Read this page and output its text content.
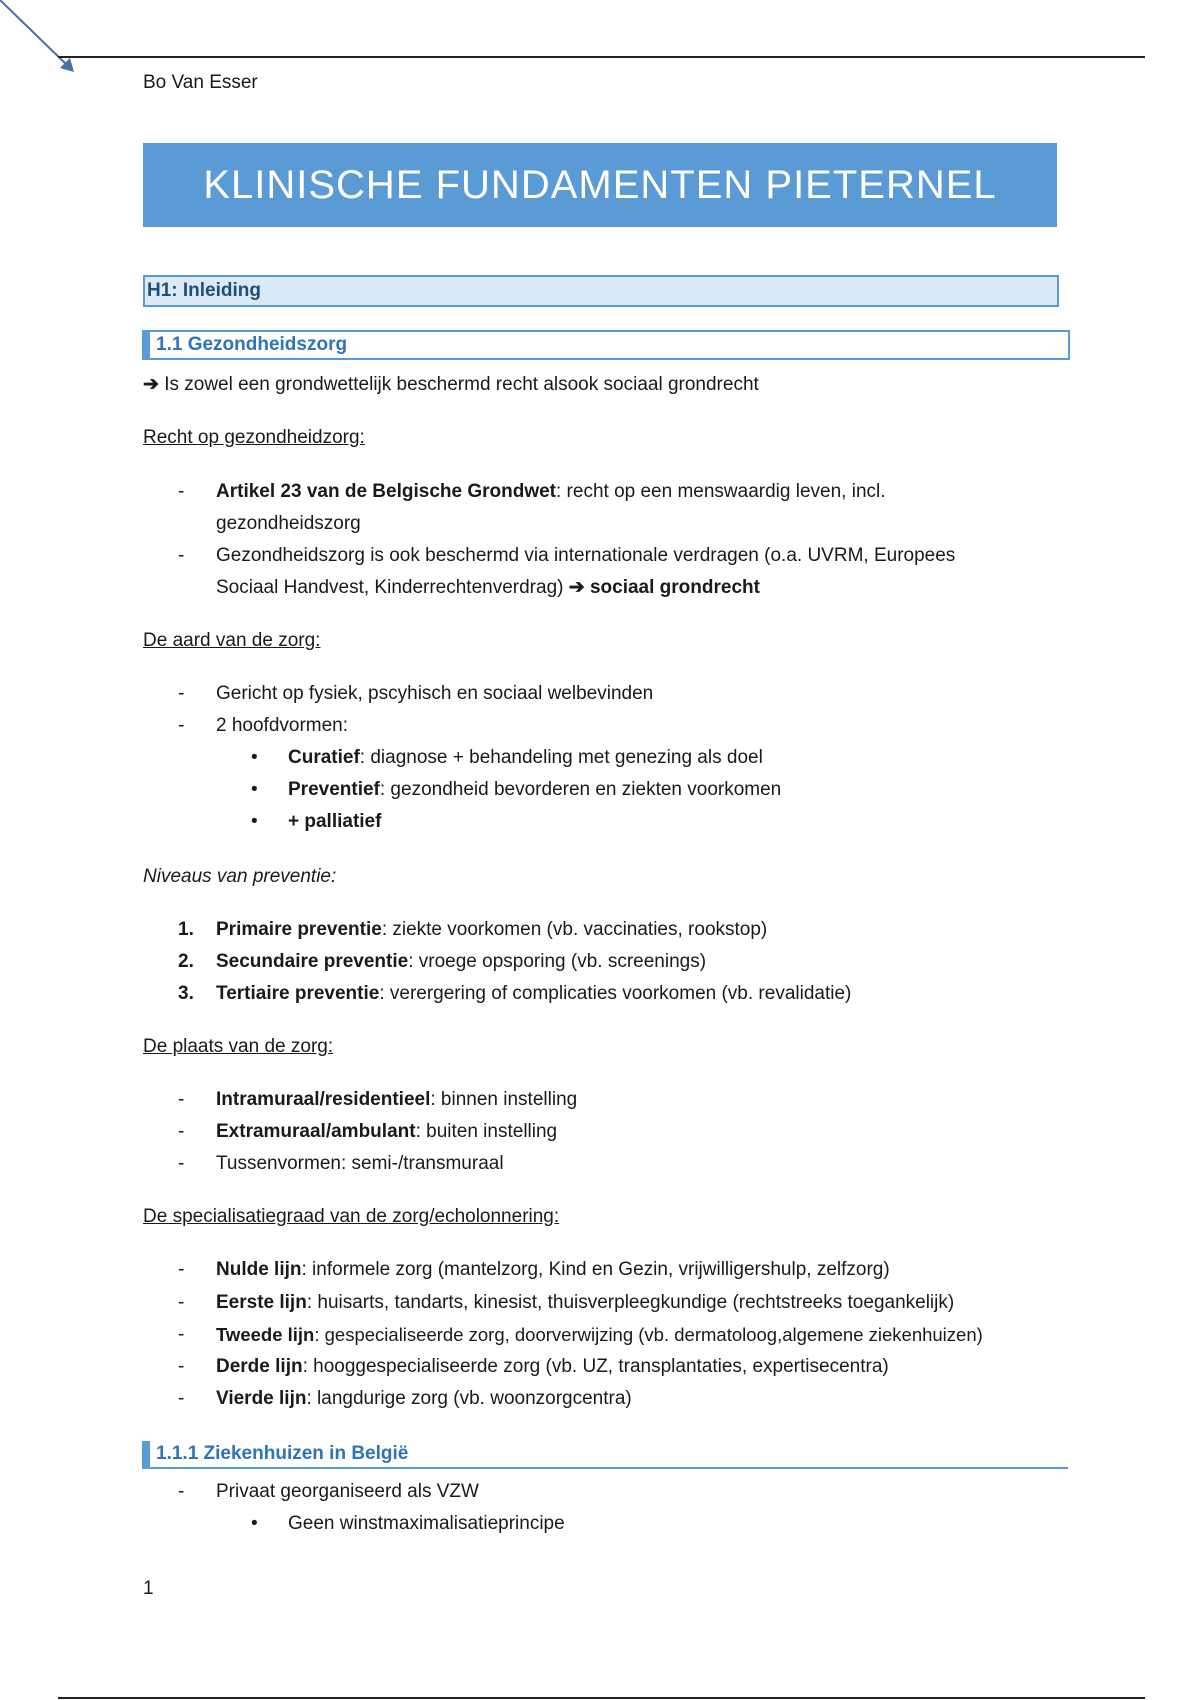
Bo Van Esser
KLINISCHE FUNDAMENTEN PIETERNEL
H1: Inleiding
1.1 Gezondheidszorg
➔ Is zowel een grondwettelijk beschermd recht alsook sociaal grondrecht
Recht op gezondheidzorg:
- Artikel 23 van de Belgische Grondwet: recht op een menswaardig leven, incl.
gezondheidszorg
- Gezondheidszorg is ook beschermd via internationale verdragen (o.a. UVRM, Europees
Sociaal Handvest, Kinderrechtenverdrag) ➔ sociaal grondrecht
De aard van de zorg:
- Gericht op fysiek, pscyhisch en sociaal welbevinden
- 2 hoofdvormen:
• Curatief: diagnose + behandeling met genezing als doel
• Preventief: gezondheid bevorderen en ziekten voorkomen
• + palliatief
Niveaus van preventie:
1. Primaire preventie: ziekte voorkomen (vb. vaccinaties, rookstop)
2. Secundaire preventie: vroege opsporing (vb. screenings)
3. Tertiaire preventie: verergering of complicaties voorkomen (vb. revalidatie)
De plaats van de zorg:
- Intramuraal/residentieel: binnen instelling
- Extramuraal/ambulant: buiten instelling
- Tussenvormen: semi-/transmuraal
De specialisatiegraad van de zorg/echolonnering:
- Nulde lijn: informele zorg (mantelzorg, Kind en Gezin, vrijwilligershulp, zelfzorg)
- Eerste lijn: huisarts, tandarts, kinesist, thuisverpleegkundige (rechtstreeks toegankelijk)
- Tweede lijn: gespecialiseerde zorg, doorverwijzing (vb. dermatoloog,algemene ziekenhuizen)
- Derde lijn: hooggespecialiseerde zorg (vb. UZ, transplantaties, expertisecentra)
- Vierde lijn: langdurige zorg (vb. woonzorgcentra)
1.1.1 Ziekenhuizen in België
- Privaat georganiseerd als VZW
• Geen winstmaximalisatieprincipe
1
